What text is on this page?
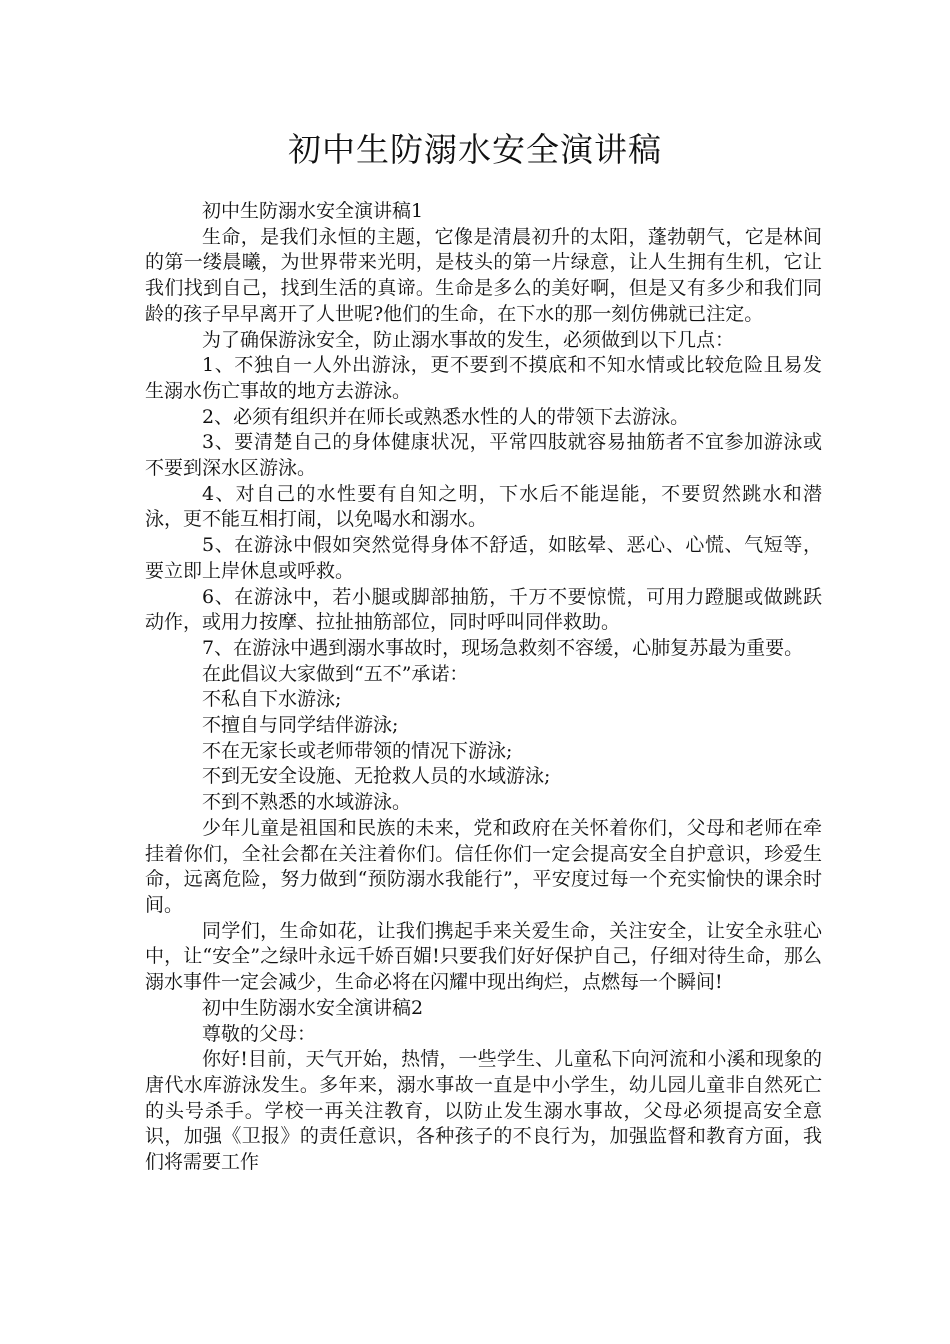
初中生防溺水安全演讲稿

初中生防溺水安全演讲稿1

生命，是我们永恒的主题，它像是清晨初升的太阳，蓬勃朝气，它是林间的第一缕晨曦，为世界带来光明，是枝头的第一片绿意，让人生拥有生机，它让我们找到自己，找到生活的真谛。生命是多么的美好啊，但是又有多少和我们同龄的孩子早早离开了人世呢?他们的生命，在下水的那一刻仿佛就已注定。

为了确保游泳安全，防止溺水事故的发生，必须做到以下几点：

1、不独自一人外出游泳，更不要到不摸底和不知水情或比较危险且易发生溺水伤亡事故的地方去游泳。

2、必须有组织并在师长或熟悉水性的人的带领下去游泳。

3、要清楚自己的身体健康状况，平常四肢就容易抽筋者不宜参加游泳或不要到深水区游泳。

4、对自己的水性要有自知之明，下水后不能逞能，不要贸然跳水和潜泳，更不能互相打闹，以免喝水和溺水。

5、在游泳中假如突然觉得身体不舒适，如眩晕、恶心、心慌、气短等，要立即上岸休息或呼救。

6、在游泳中，若小腿或脚部抽筋，千万不要惊慌，可用力蹬腿或做跳跃动作，或用力按摩、拉扯抽筋部位，同时呼叫同伴救助。

7、在游泳中遇到溺水事故时，现场急救刻不容缓，心肺复苏最为重要。

在此倡议大家做到“五不”承诺：

不私自下水游泳;

不擅自与同学结伴游泳;

不在无家长或老师带领的情况下游泳;

不到无安全设施、无抢救人员的水域游泳;

不到不熟悉的水域游泳。

少年儿童是祖国和民族的未来，党和政府在关怀着你们，父母和老师在牵挂着你们，全社会都在关注着你们。信任你们一定会提高安全自护意识，珍爱生命，远离危险，努力做到“预防溺水我能行”，平安度过每一个充实愉快的课余时间。

同学们，生命如花，让我们携起手来关爱生命，关注安全，让安全永驻心中，让“安全”之绿叶永远千娇百媚!只要我们好好保护自己，仔细对待生命，那么溺水事件一定会减少，生命必将在闪耀中现出绚烂，点燃每一个瞬间!

初中生防溺水安全演讲稿2

尊敬的父母：

你好!目前，天气开始，热情，一些学生、儿童私下向河流和小溪和现象的唐代水库游泳发生。多年来，溺水事故一直是中小学生，幼儿园儿童非自然死亡的头号杀手。学校一再关注教育，以防止发生溺水事故，父母必须提高安全意识，加强《卫报》的责任意识，各种孩子的不良行为，加强监督和教育方面，我们将需要工作
